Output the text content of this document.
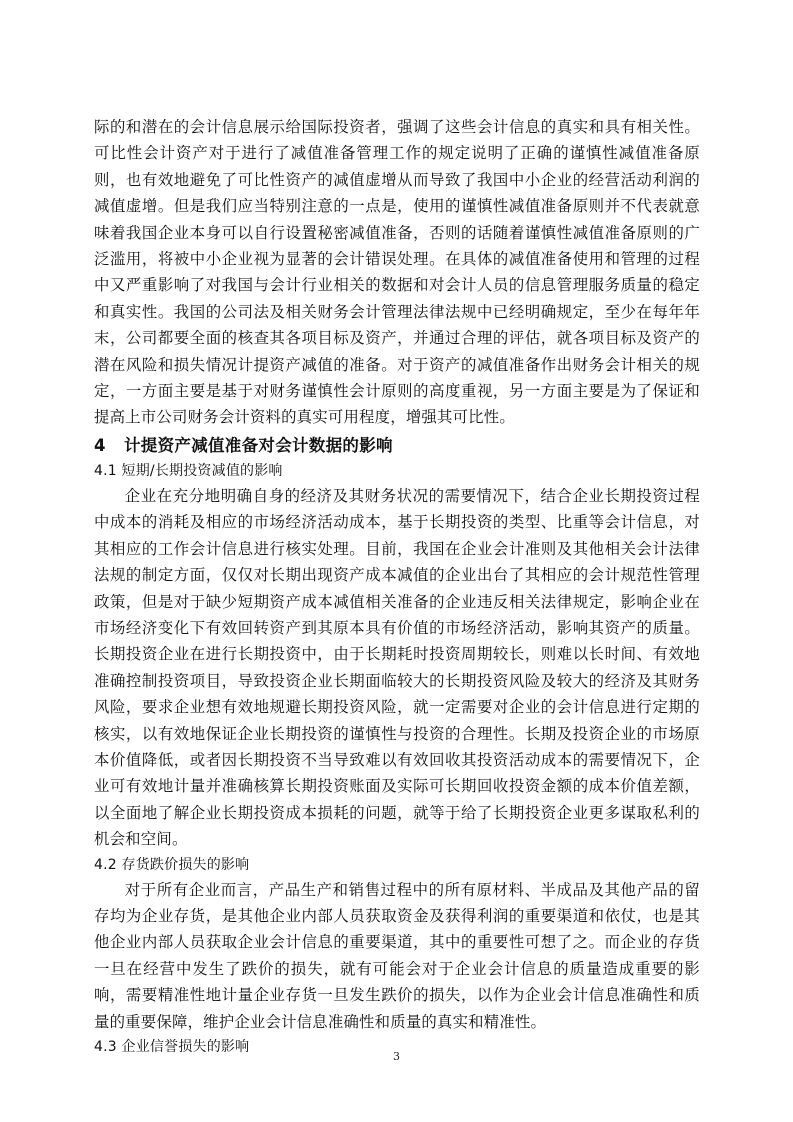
际的和潜在的会计信息展示给国际投资者，强调了这些会计信息的真实和具有相关性。可比性会计资产对于进行了减值准备管理工作的规定说明了正确的谨慎性减值准备原则，也有效地避免了可比性资产的减值虚增从而导致了我国中小企业的经营活动利润的减值虚增。但是我们应当特别注意的一点是，使用的谨慎性减值准备原则并不代表就意味着我国企业本身可以自行设置秘密减值准备，否则的话随着谨慎性减值准备原则的广泛滥用，将被中小企业视为显著的会计错误处理。在具体的减值准备使用和管理的过程中又严重影响了对我国与会计行业相关的数据和对会计人员的信息管理服务质量的稳定和真实性。我国的公司法及相关财务会计管理法律法规中已经明确规定，至少在每年年末，公司都要全面的核查其各项目标及资产，并通过合理的评估，就各项目标及资产的潜在风险和损失情况计提资产减值的准备。对于资产的减值准备作出财务会计相关的规定，一方面主要是基于对财务谨慎性会计原则的高度重视，另一方面主要是为了保证和提高上市公司财务会计资料的真实可用程度，增强其可比性。

4 计提资产减值准备对会计数据的影响
4.1 短期/长期投资减值的影响

企业在充分地明确自身的经济及其财务状况的需要情况下，结合企业长期投资过程中成本的消耗及相应的市场经济活动成本，基于长期投资的类型、比重等会计信息，对其相应的工作会计信息进行核实处理。目前，我国在企业会计准则及其他相关会计法律法规的制定方面，仅仅对长期出现资产成本减值的企业出台了其相应的会计规范性管理政策，但是对于缺少短期资产成本减值相关准备的企业违反相关法律规定，影响企业在市场经济变化下有效回转资产到其原本具有价值的市场经济活动，影响其资产的质量。长期投资企业在进行长期投资中，由于长期耗时投资周期较长，则难以长时间、有效地准确控制投资项目，导致投资企业长期面临较大的长期投资风险及较大的经济及其财务风险，要求企业想有效地规避长期投资风险，就一定需要对企业的会计信息进行定期的核实，以有效地保证企业长期投资的谨慎性与投资的合理性。长期及投资企业的市场原本价值降低，或者因长期投资不当导致难以有效回收其投资活动成本的需要情况下，企业可有效地计量并准确核算长期投资账面及实际可长期回收投资金额的成本价值差额，以全面地了解企业长期投资成本损耗的问题，就等于给了长期投资企业更多谋取私利的机会和空间。

4.2 存货跌价损失的影响

对于所有企业而言，产品生产和销售过程中的所有原材料、半成品及其他产品的留存均为企业存货，是其他企业内部人员获取资金及获得利润的重要渠道和依仗，也是其他企业内部人员获取企业会计信息的重要渠道，其中的重要性可想了之。而企业的存货一旦在经营中发生了跌价的损失，就有可能会对于企业会计信息的质量造成重要的影响，需要精准性地计量企业存货一旦发生跌价的损失，以作为企业会计信息准确性和质量的重要保障，维护企业会计信息准确性和质量的真实和精准性。

4.3 企业信誉损失的影响
3
